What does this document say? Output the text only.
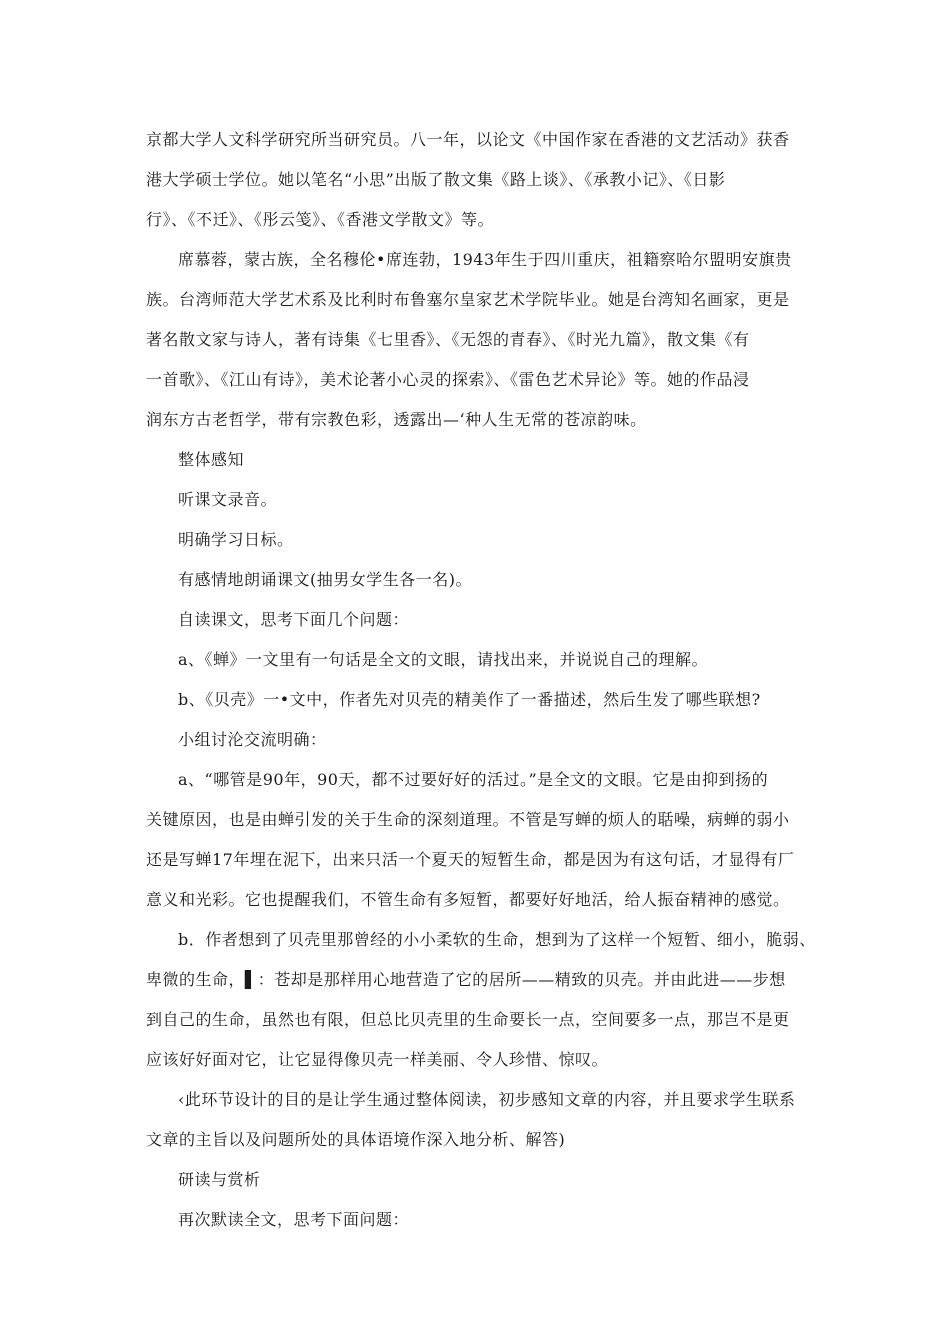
京都大学人文科学研究所当研究员。八一年，以论文《中国作家在香港的文艺活动》获香
港大学硕士学位。她以笔名“小思”出版了散文集《路上谈》、《承教小记》、《日影
行》、《不迁》、《彤云笺》、《香港文学散文》等。
席慕蓉，蒙古族，全名穆伦•席连勃，1943年生于四川重庆，祖籍察哈尔盟明安旗贵
族。台湾师范大学艺术系及比利时布鲁塞尔皇家艺术学院毕业。她是台湾知名画家，更是
著名散文家与诗人，著有诗集《七里香》、《无怨的青春》、《时光九篇》，散文集《有
一首歌》、《江山有诗》，美术论著小心灵的探索》、《雷色艺术异论》等。她的作品浸
润东方古老哲学，带有宗教色彩，透露出—‘种人生无常的苍凉韵味。

整体感知

听课文录音。

明确学习日标。

有感情地朗诵课文(抽男女学生各一名)。

自读课文，思考下面几个问题：

a、《蝉》一文里有一句话是全文的文眼，请找出来，并说说自己的理解。

b、《贝壳》一•文中，作者先对贝壳的精美作了一番描述，然后生发了哪些联想?

小组讨沦交流明确：

a、“哪管是90年，90天，都不过要好好的活过。”是全文的文眼。它是由抑到扬的
关键原因，也是由蝉引发的关于生命的深刻道理。不管是写蝉的烦人的聒噪，病蝉的弱小
还是写蝉17年埋在泥下，出来只活一个夏天的短暂生命，都是因为有这句话，才显得有厂
意义和光彩。它也提醒我们，不管生命有多短暂，都要好好地活，给人振奋精神的感觉。
b．作者想到了贝壳里那曾经的小小柔软的生命，想到为了这样一个短暂、细小，脆弱、
卑微的生命，▌：苍却是那样用心地营造了它的居所——精致的贝壳。并由此进——步想
到自己的生命，虽然也有限，但总比贝壳里的生命要长一点，空间要多一点，那岂不是更
应该好好面对它，让它显得像贝壳一样美丽、令人珍惜、惊叹。
‹此环节设计的目的是让学生通过整体阅读，初步感知文章的内容，并且要求学生联系
文章的主旨以及问题所处的具体语境作深入地分析、解答)

研读与赏析

再次默读全文，思考下面问题：
